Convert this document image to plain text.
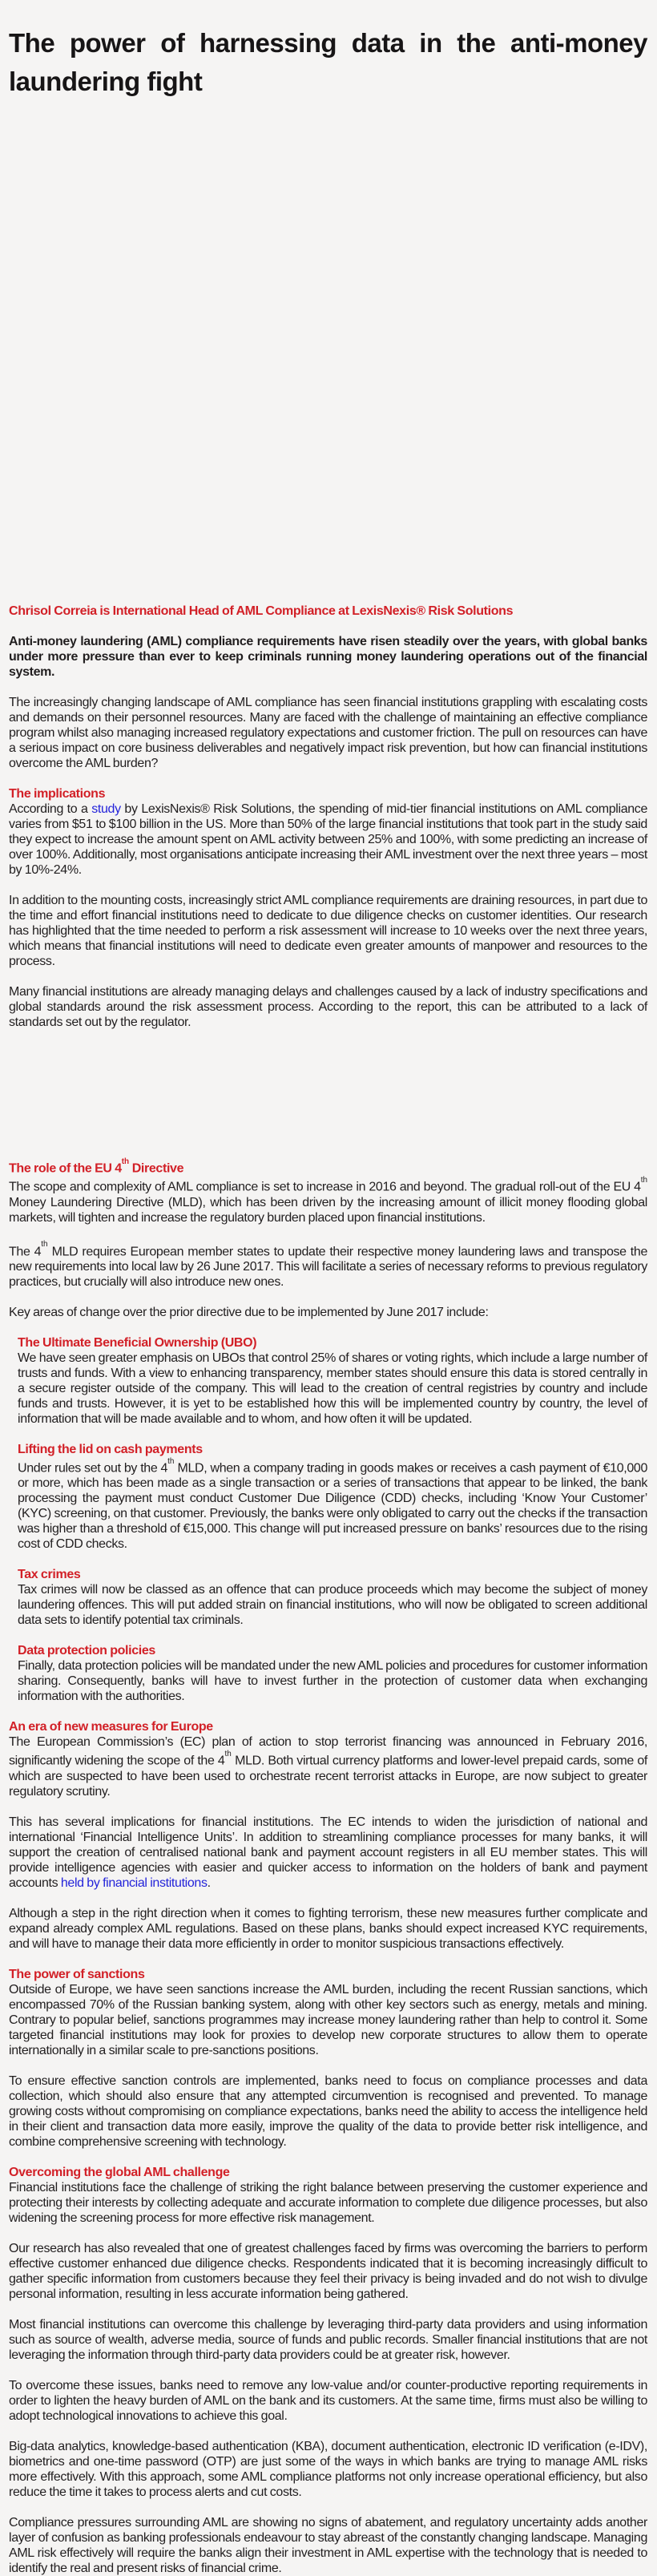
The power of harnessing data in the anti-money laundering fight
Chrisol Correia is International Head of AML Compliance at LexisNexis® Risk Solutions

Anti-money laundering (AML) compliance requirements have risen steadily over the years, with global banks under more pressure than ever to keep criminals running money laundering operations out of the financial system.

The increasingly changing landscape of AML compliance has seen financial institutions grappling with escalating costs and demands on their personnel resources. Many are faced with the challenge of maintaining an effective compliance program whilst also managing increased regulatory expectations and customer friction. The pull on resources can have a serious impact on core business deliverables and negatively impact risk prevention, but how can financial institutions overcome the AML burden?

The implications

According to a study by LexisNexis® Risk Solutions, the spending of mid-tier financial institutions on AML compliance varies from $51 to $100 billion in the US. More than 50% of the large financial institutions that took part in the study said they expect to increase the amount spent on AML activity between 25% and 100%, with some predicting an increase of over 100%. Additionally, most organisations anticipate increasing their AML investment over the next three years – most by 10%-24%.

In addition to the mounting costs, increasingly strict AML compliance requirements are draining resources, in part due to the time and effort financial institutions need to dedicate to due diligence checks on customer identities. Our research has highlighted that the time needed to perform a risk assessment will increase to 10 weeks over the next three years, which means that financial institutions will need to dedicate even greater amounts of manpower and resources to the process.

Many financial institutions are already managing delays and challenges caused by a lack of industry specifications and global standards around the risk assessment process. According to the report, this can be attributed to a lack of standards set out by the regulator.

The role of the EU 4th Directive

The scope and complexity of AML compliance is set to increase in 2016 and beyond. The gradual roll-out of the EU 4th Money Laundering Directive (MLD), which has been driven by the increasing amount of illicit money flooding global markets, will tighten and increase the regulatory burden placed upon financial institutions.

The 4th MLD requires European member states to update their respective money laundering laws and transpose the new requirements into local law by 26 June 2017. This will facilitate a series of necessary reforms to previous regulatory practices, but crucially will also introduce new ones.

Key areas of change over the prior directive due to be implemented by June 2017 include:

The Ultimate Beneficial Ownership (UBO)

We have seen greater emphasis on UBOs that control 25% of shares or voting rights, which include a large number of trusts and funds. With a view to enhancing transparency, member states should ensure this data is stored centrally in a secure register outside of the company. This will lead to the creation of central registries by country and include funds and trusts. However, it is yet to be established how this will be implemented country by country, the level of information that will be made available and to whom, and how often it will be updated.

Lifting the lid on cash payments

Under rules set out by the 4th MLD, when a company trading in goods makes or receives a cash payment of €10,000 or more, which has been made as a single transaction or a series of transactions that appear to be linked, the bank processing the payment must conduct Customer Due Diligence (CDD) checks, including ‘Know Your Customer’ (KYC) screening, on that customer. Previously, the banks were only obligated to carry out the checks if the transaction was higher than a threshold of €15,000. This change will put increased pressure on banks’ resources due to the rising cost of CDD checks.

Tax crimes

Tax crimes will now be classed as an offence that can produce proceeds which may become the subject of money laundering offences. This will put added strain on financial institutions, who will now be obligated to screen additional data sets to identify potential tax criminals.

Data protection policies

Finally, data protection policies will be mandated under the new AML policies and procedures for customer information sharing. Consequently, banks will have to invest further in the protection of customer data when exchanging information with the authorities.

An era of new measures for Europe

The European Commission’s (EC) plan of action to stop terrorist financing was announced in February 2016, significantly widening the scope of the 4th MLD. Both virtual currency platforms and lower-level prepaid cards, some of which are suspected to have been used to orchestrate recent terrorist attacks in Europe, are now subject to greater regulatory scrutiny.

This has several implications for financial institutions. The EC intends to widen the jurisdiction of national and international ‘Financial Intelligence Units’. In addition to streamlining compliance processes for many banks, it will support the creation of centralised national bank and payment account registers in all EU member states. This will provide intelligence agencies with easier and quicker access to information on the holders of bank and payment accounts held by financial institutions.

Although a step in the right direction when it comes to fighting terrorism, these new measures further complicate and expand already complex AML regulations. Based on these plans, banks should expect increased KYC requirements, and will have to manage their data more efficiently in order to monitor suspicious transactions effectively.

The power of sanctions

Outside of Europe, we have seen sanctions increase the AML burden, including the recent Russian sanctions, which encompassed 70% of the Russian banking system, along with other key sectors such as energy, metals and mining. Contrary to popular belief, sanctions programmes may increase money laundering rather than help to control it. Some targeted financial institutions may look for proxies to develop new corporate structures to allow them to operate internationally in a similar scale to pre-sanctions positions.

To ensure effective sanction controls are implemented, banks need to focus on compliance processes and data collection, which should also ensure that any attempted circumvention is recognised and prevented. To manage growing costs without compromising on compliance expectations, banks need the ability to access the intelligence held in their client and transaction data more easily, improve the quality of the data to provide better risk intelligence, and combine comprehensive screening with technology.

Overcoming the global AML challenge

Financial institutions face the challenge of striking the right balance between preserving the customer experience and protecting their interests by collecting adequate and accurate information to complete due diligence processes, but also widening the screening process for more effective risk management.

Our research has also revealed that one of greatest challenges faced by firms was overcoming the barriers to perform effective customer enhanced due diligence checks. Respondents indicated that it is becoming increasingly difficult to gather specific information from customers because they feel their privacy is being invaded and do not wish to divulge personal information, resulting in less accurate information being gathered.

Most financial institutions can overcome this challenge by leveraging third-party data providers and using information such as source of wealth, adverse media, source of funds and public records. Smaller financial institutions that are not leveraging the information through third-party data providers could be at greater risk, however.

To overcome these issues, banks need to remove any low-value and/or counter-productive reporting requirements in order to lighten the heavy burden of AML on the bank and its customers. At the same time, firms must also be willing to adopt technological innovations to achieve this goal.

Big-data analytics, knowledge-based authentication (KBA), document authentication, electronic ID verification (e-IDV), biometrics and one-time password (OTP) are just some of the ways in which banks are trying to manage AML risks more effectively. With this approach, some AML compliance platforms not only increase operational efficiency, but also reduce the time it takes to process alerts and cut costs.

Compliance pressures surrounding AML are showing no signs of abatement, and regulatory uncertainty adds another layer of confusion as banking professionals endeavour to stay abreast of the constantly changing landscape. Managing AML risk effectively will require the banks align their investment in AML expertise with the technology that is needed to identify the real and present risks of financial crime.
